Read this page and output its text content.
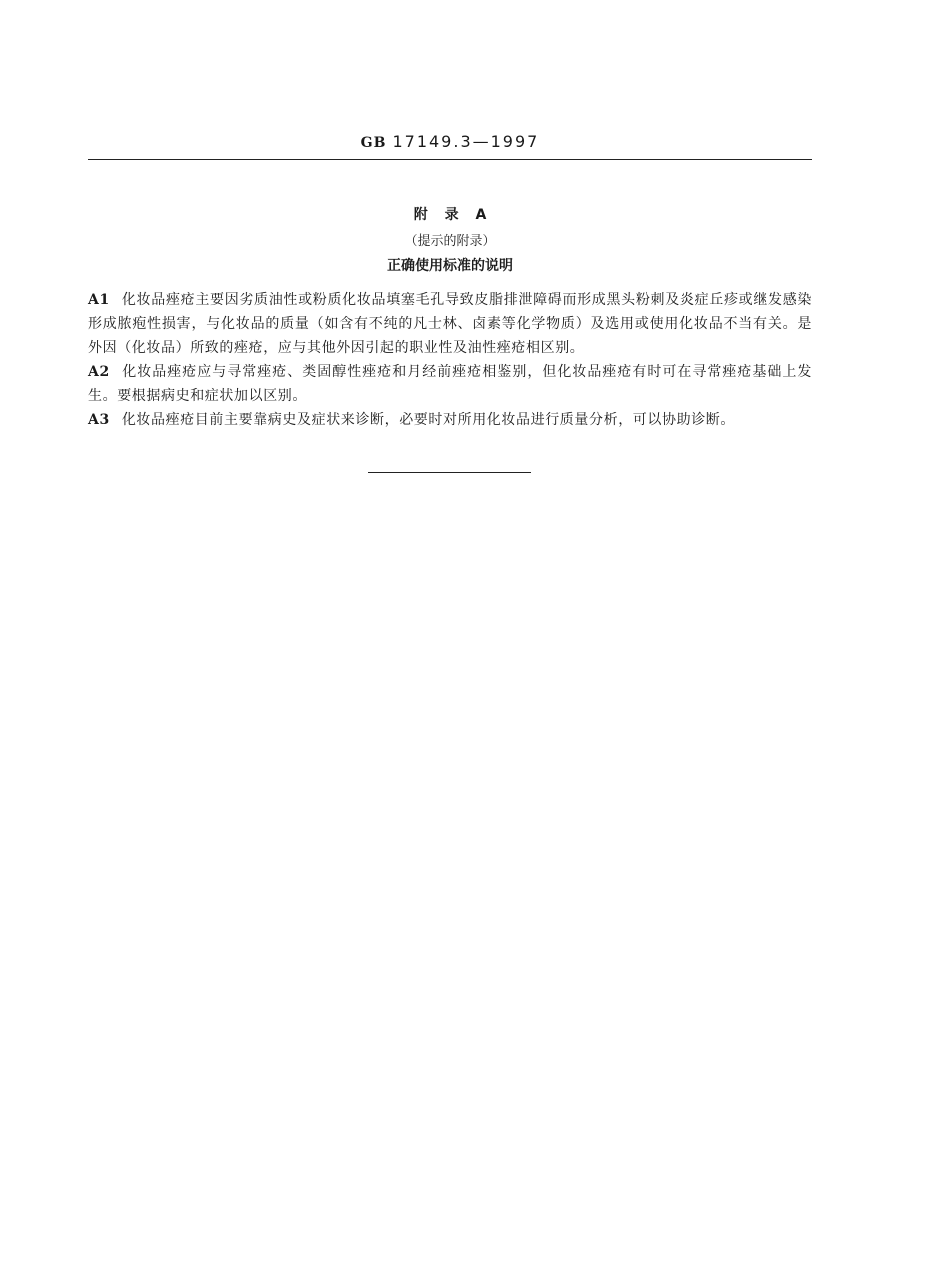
GB 17149.3—1997
附 录 A
（提示的附录）
正确使用标准的说明

A1 化妆品痤疮主要因劣质油性或粉质化妆品填塞毛孔导致皮脂排泄障碍而形成黑头粉刺及炎症丘疹或继发感染形成脓疱性损害，与化妆品的质量（如含有不纯的凡士林、卤素等化学物质）及选用或使用化妆品不当有关。是外因（化妆品）所致的痤疮，应与其他外因引起的职业性及油性痤疮相区别。

A2 化妆品痤疮应与寻常痤疮、类固醇性痤疮和月经前痤疮相鉴别，但化妆品痤疮有时可在寻常痤疮基础上发生。要根据病史和症状加以区别。

A3 化妆品痤疮目前主要靠病史及症状来诊断，必要时对所用化妆品进行质量分析，可以协助诊断。
